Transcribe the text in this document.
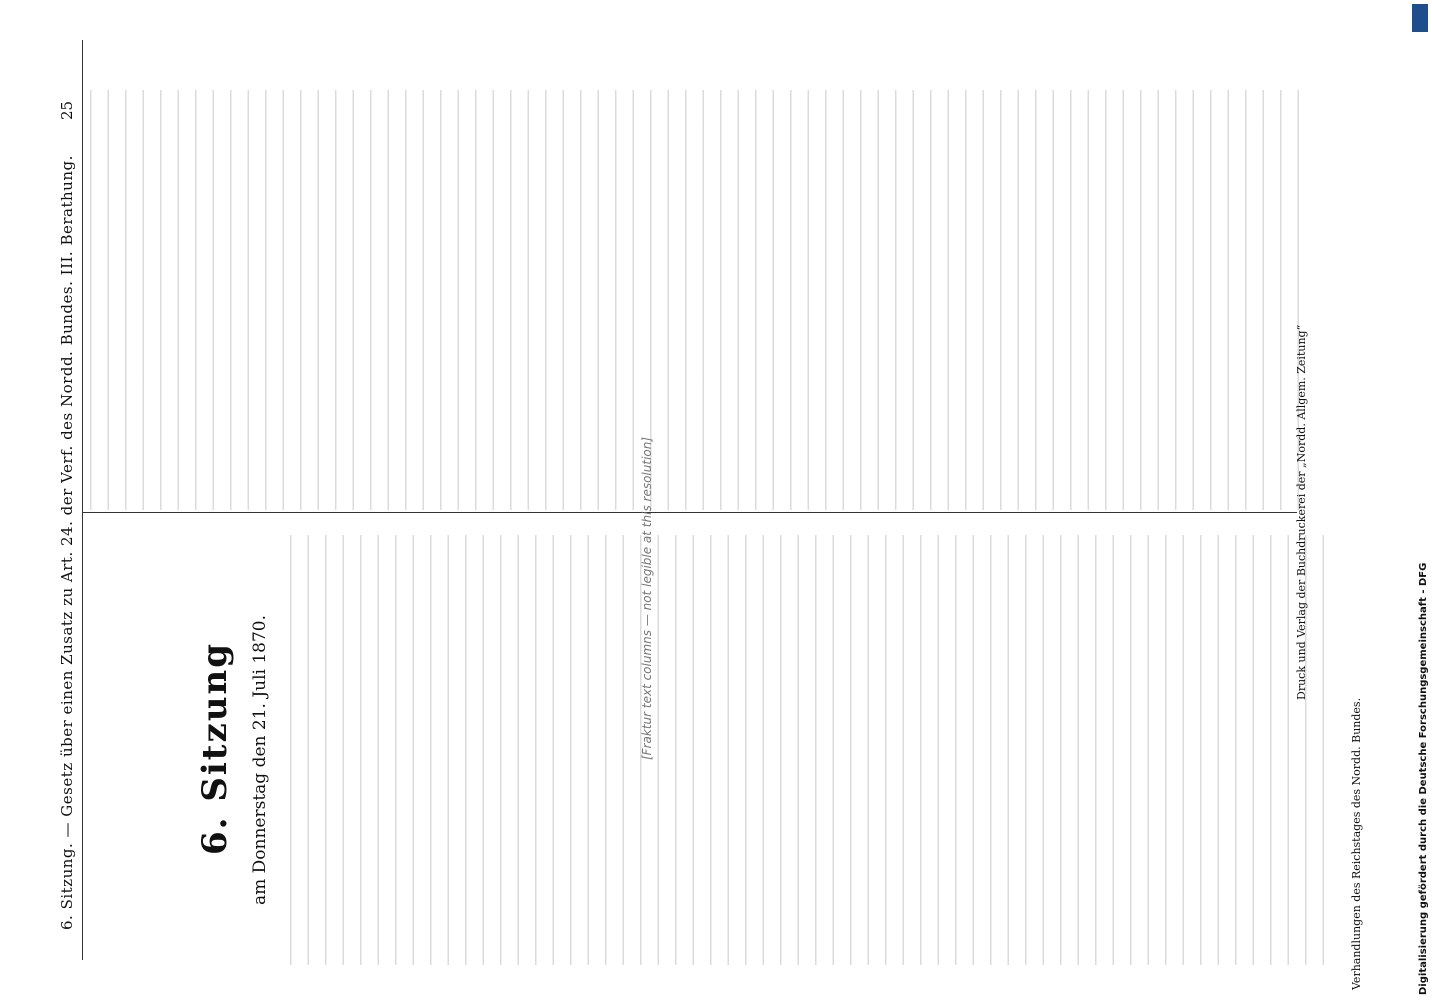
6. Sitzung. — Gesetz über einen Zusatz zu Art. 24. der Verf. des Nordd. Bundes. III. Berathung.
25
6. Sitzung am Donnerstag den 21. Juli 1870.	[Fraktur text columns — not legible at this resolution]	Druck und Verlag der Buchdruckerei der „Nordd. Allgem. Zeitung“
Verhandlungen des Reichstages des Nordd. Bundes.	Digitalisierung gefördert durch die Deutsche Forschungsgemeinschaft - DFG
